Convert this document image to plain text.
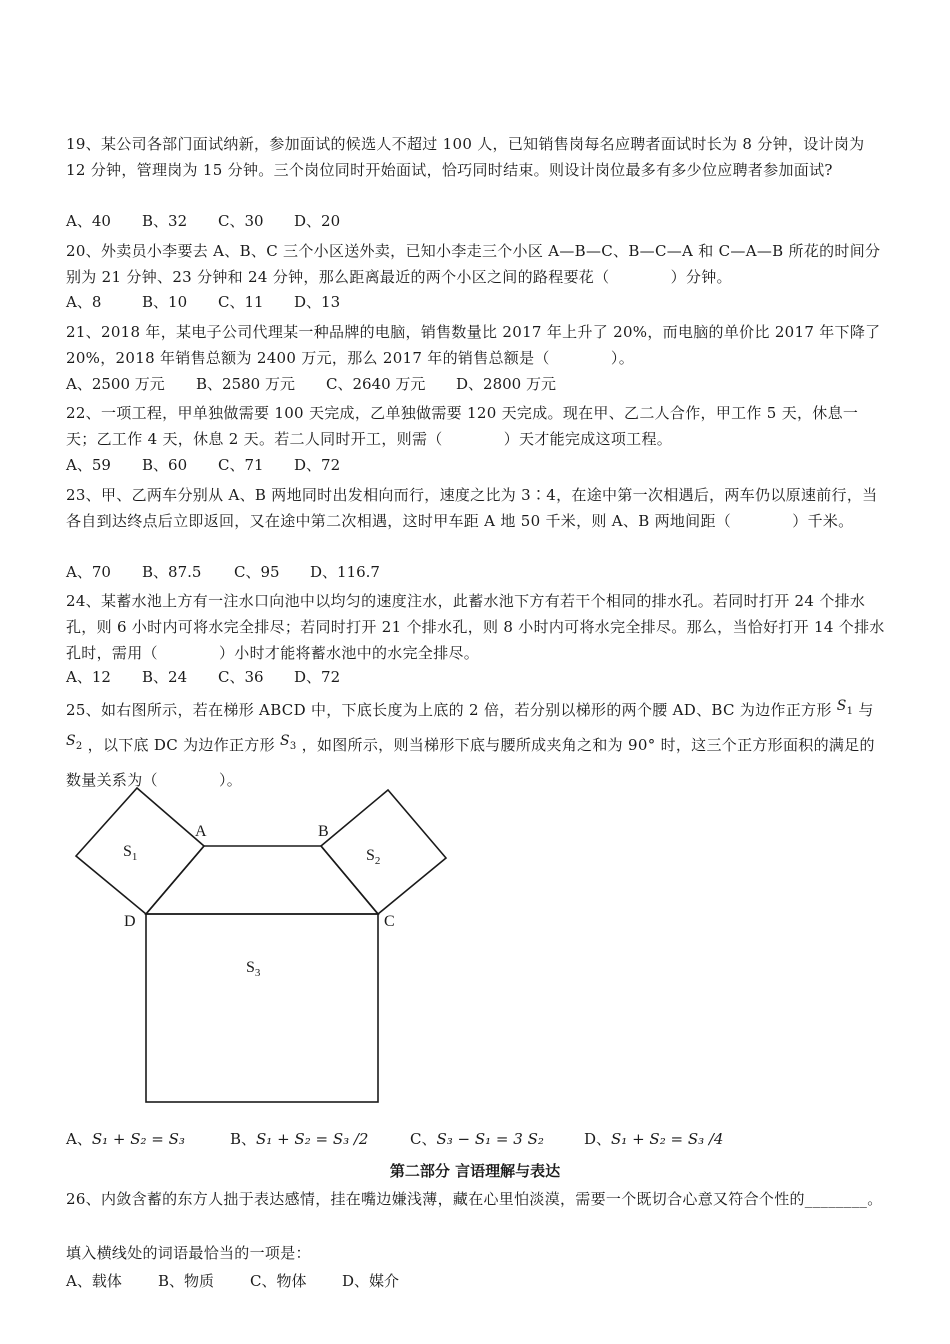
19、某公司各部门面试纳新，参加面试的候选人不超过 100 人，已知销售岗每名应聘者面试时长为 8 分钟，设计岗为 12 分钟，管理岗为 15 分钟。三个岗位同时开始面试，恰巧同时结束。则设计岗位最多有多少位应聘者参加面试?
A、40 B、32 C、30 D、20
20、外卖员小李要去 A、B、C 三个小区送外卖，已知小李走三个小区 A—B—C、B—C—A 和 C—A—B 所花的时间分别为 21 分钟、23 分钟和 24 分钟，那么距离最近的两个小区之间的路程要花（　　　　）分钟。
A、8	B、10 C、11 D、13
21、2018 年，某电子公司代理某一种品牌的电脑，销售数量比 2017 年上升了 20%，而电脑的单价比 2017 年下降了 20%，2018 年销售总额为 2400 万元，那么 2017 年的销售总额是（　　　　）。
A、2500 万元 B、2580 万元 C、2640 万元 D、2800 万元
22、一项工程，甲单独做需要 100 天完成，乙单独做需要 120 天完成。现在甲、乙二人合作，甲工作 5 天，休息一天；乙工作 4 天，休息 2 天。若二人同时开工，则需（　　　　）天才能完成这项工程。
A、59 B、60 C、71 D、72
23、甲、乙两车分别从 A、B 两地同时出发相向而行，速度之比为 3∶4，在途中第一次相遇后，两车仍以原速前行，当各自到达终点后立即返回，又在途中第二次相遇，这时甲车距 A 地 50 千米，则 A、B 两地间距（　　　　）千米。
A、70 B、87.5 C、95 D、116.7
24、某蓄水池上方有一注水口向池中以均匀的速度注水，此蓄水池下方有若干个相同的排水孔。若同时打开 24 个排水孔，则 6 小时内可将水完全排尽；若同时打开 21 个排水孔，则 8 小时内可将水完全排尽。那么，当恰好打开 14 个排水孔时，需用（　　　　）小时才能将蓄水池中的水完全排尽。
A、12 B、24 C、36 D、72
25、如右图所示，若在梯形 ABCD 中，下底长度为上底的 2 倍，若分别以梯形的两个腰 AD、BC 为边作正方形 $S_1$ 与
$S_2$ ，以下底 DC 为边作正方形 $S_3$ ，如图所示，则当梯形下底与腰所成夹角之和为 90° 时，这三个正方形面积的满足的数量关系为（　　　　）。
A	B
C
D
$S_1$	$S_2$
$S_3$
A、S₁ + S₂ = S₃	B、S₁ + S₂ = S₃ /2	C、S₃ − S₁ = 3 S₂	D、S₁ + S₂ = S₃ /4
第二部分 言语理解与表达
26、内敛含蓄的东方人拙于表达感情，挂在嘴边嫌浅薄，藏在心里怕淡漠，需要一个既切合心意又符合个性的________。
填入横线处的词语最恰当的一项是：
A、载体 B、物质 C、物体 D、媒介
